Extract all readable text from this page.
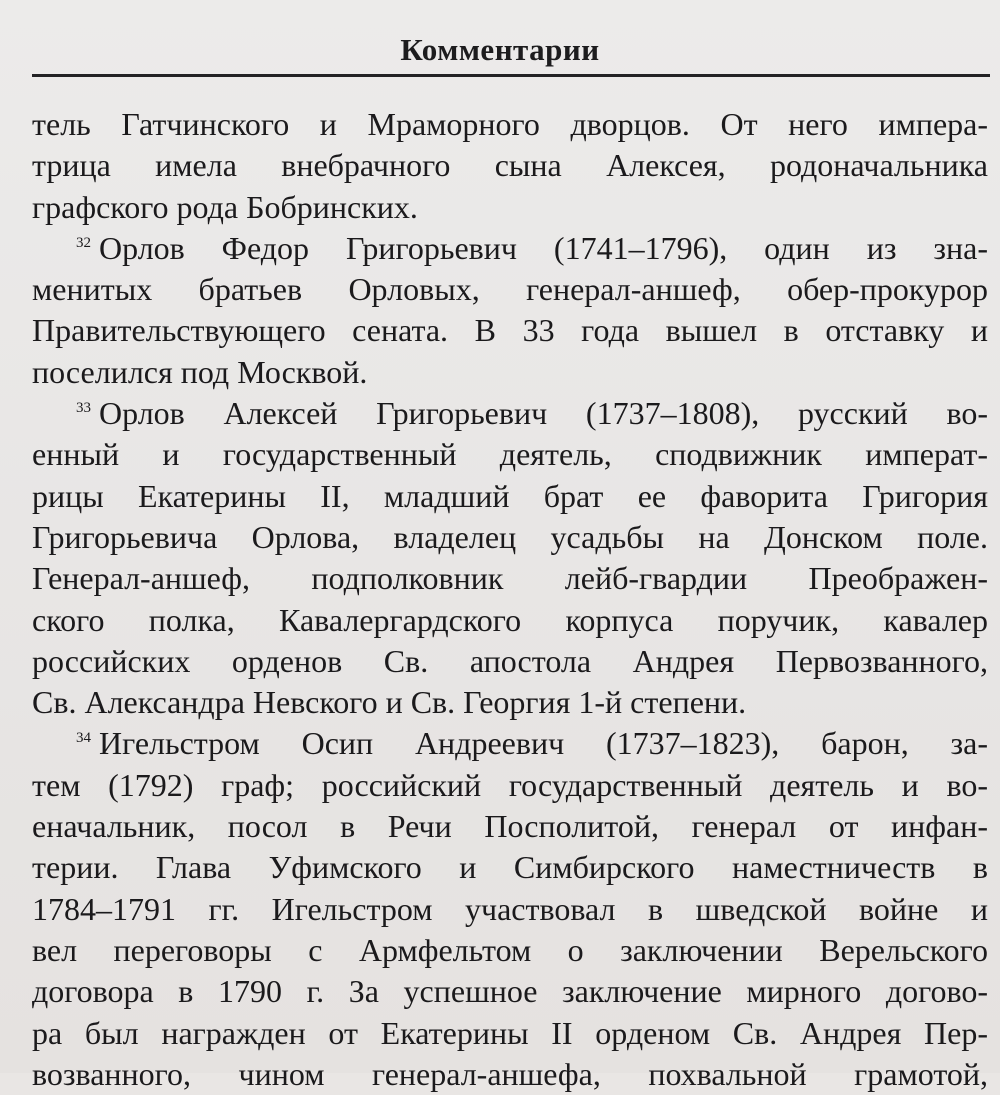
Комментарии
тель Гатчинского и Мраморного дворцов. От него импера-
трица имела внебрачного сына Алексея, родоначальника
графского рода Бобринских.
$^{32}$ Орлов Федор Григорьевич (1741–1796), один из зна-
менитых братьев Орловых, генерал-аншеф, обер-прокурор
Правительствующего сената. В 33 года вышел в отставку и
поселился под Москвой.
$^{33}$ Орлов Алексей Григорьевич (1737–1808), русский во-
енный и государственный деятель, сподвижник императ-
рицы Екатерины II, младший брат ее фаворита Григория
Григорьевича Орлова, владелец усадьбы на Донском поле.
Генерал-аншеф, подполковник лейб-гвардии Преображен-
ского полка, Кавалергардского корпуса поручик, кавалер
российских орденов Св. апостола Андрея Первозванного,
Св. Александра Невского и Св. Георгия 1-й степени.
$^{34}$ Игельстром Осип Андреевич (1737–1823), барон, за-
тем (1792) граф; российский государственный деятель и во-
еначальник, посол в Речи Посполитой, генерал от инфан-
терии. Глава Уфимского и Симбирского наместничеств в
1784–1791 гг. Игельстром участвовал в шведской войне и
вел переговоры с Армфельтом о заключении Верельского
договора в 1790 г. За успешное заключение мирного догово-
ра был награжден от Екатерины II орденом Св. Андрея Пер-
возванного, чином генерал-аншефа, похвальной грамотой,
